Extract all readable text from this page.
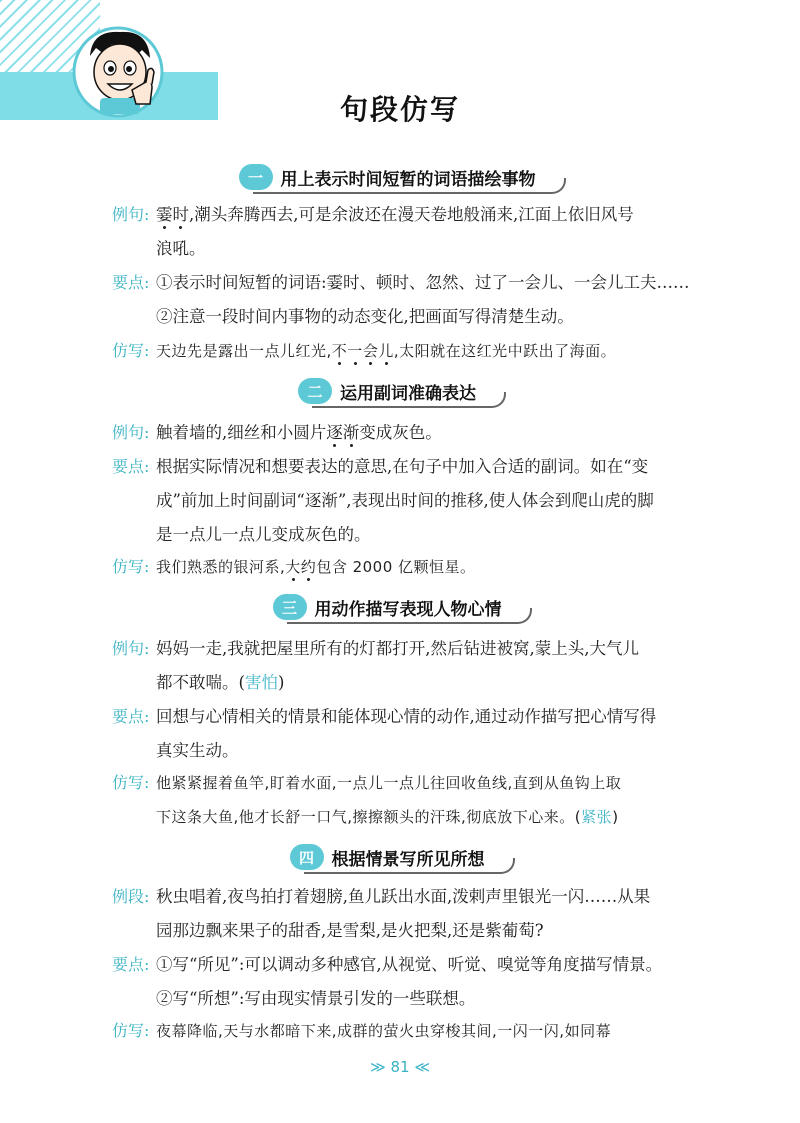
句段仿写
一	用上表示时间短暂的词语描绘事物
例句: 霎时,潮头奔腾西去,可是余波还在漫天卷地般涌来,江面上依旧风号
浪吼。
要点: ①表示时间短暂的词语:霎时、顿时、忽然、过了一会儿、一会儿工夫……
②注意一段时间内事物的动态变化,把画面写得清楚生动。
仿写: 天边先是露出一点儿红光,不一会儿,太阳就在这红光中跃出了海面。
二	运用副词准确表达
例句: 触着墙的,细丝和小圆片逐渐变成灰色。
要点: 根据实际情况和想要表达的意思,在句子中加入合适的副词。如在“变
成”前加上时间副词“逐渐”,表现出时间的推移,使人体会到爬山虎的脚
是一点儿一点儿变成灰色的。
仿写: 我们熟悉的银河系,大约包含 2000 亿颗恒星。
三	用动作描写表现人物心情
例句: 妈妈一走,我就把屋里所有的灯都打开,然后钻进被窝,蒙上头,大气儿
都不敢喘。(害怕)
要点: 回想与心情相关的情景和能体现心情的动作,通过动作描写把心情写得
真实生动。
仿写: 他紧紧握着鱼竿,盯着水面,一点儿一点儿往回收鱼线,直到从鱼钩上取
下这条大鱼,他才长舒一口气,擦擦额头的汗珠,彻底放下心来。(紧张)
四	根据情景写所见所想
例段: 秋虫唱着,夜鸟拍打着翅膀,鱼儿跃出水面,泼剌声里银光一闪……从果
园那边飘来果子的甜香,是雪梨,是火把梨,还是紫葡萄?
要点: ①写“所见”:可以调动多种感官,从视觉、听觉、嗅觉等角度描写情景。
②写“所想”:写由现实情景引发的一些联想。
仿写: 夜幕降临,天与水都暗下来,成群的萤火虫穿梭其间,一闪一闪,如同幕
≫ 81 ≪
